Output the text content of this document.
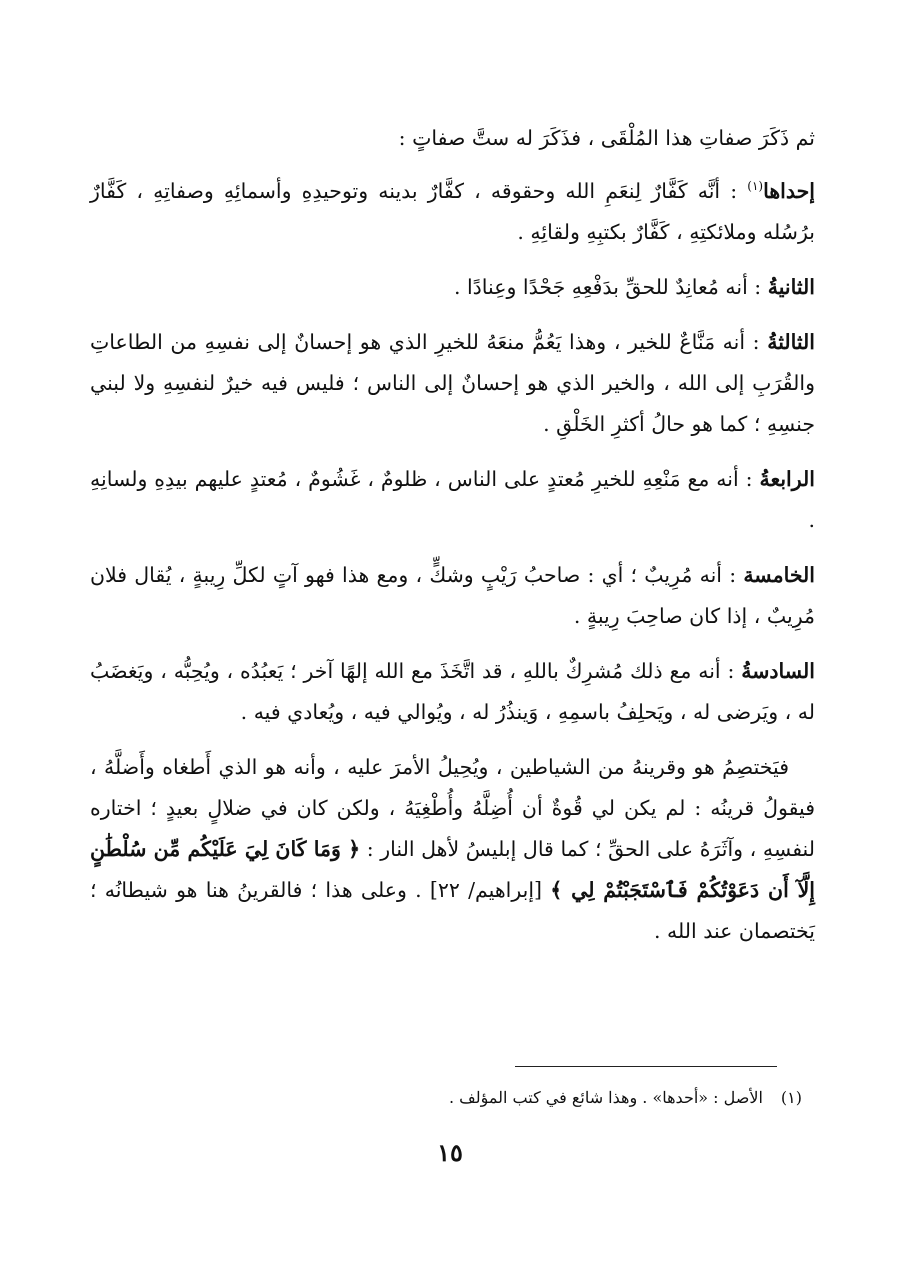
ثم ذَكَرَ صفاتِ هذا المُلْقَى ، فذَكَرَ له ستَّ صفاتٍ :

إحداها$^{(١)}$ : أنَّه كَفَّارٌ لِنعَمِ الله وحقوقه ، كفَّارٌ بدينه وتوحيدِهِ وأسمائِهِ وصفاتِهِ ، كَفَّارٌ برُسُله وملائكتِهِ ، كَفَّارٌ بكتبِهِ ولقائِهِ .

الثانيةُ : أنه مُعانِدٌ للحقِّ بدَفْعِهِ جَحْدًا وعِنادًا .

الثالثةُ : أنه مَنَّاعٌ للخير ، وهذا يَعُمُّ منعَهُ للخيرِ الذي هو إحسانٌ إلى نفسِهِ من الطاعاتِ والقُرَبِ إلى الله ، والخير الذي هو إحسانٌ إلى الناس ؛ فليس فيه خيرٌ لنفسِهِ ولا لبني جنسِهِ ؛ كما هو حالُ أكثرِ الخَلْقِ .

الرابعةُ : أنه مع مَنْعِهِ للخيرِ مُعتدٍ على الناس ، ظلومٌ ، غَشُومٌ ، مُعتدٍ عليهم بيدِهِ ولسانِهِ .

الخامسة : أنه مُرِيبٌ ؛ أي : صاحبُ رَيْبٍ وشكٍّ ، ومع هذا فهو آتٍ لكلِّ رِيبةٍ ، يُقال فلان مُرِيبٌ ، إذا كان صاحِبَ رِيبةٍ .

السادسةُ : أنه مع ذلك مُشرِكٌ باللهِ ، قد اتَّخَذَ مع الله إلهًا آخر ؛ يَعبُدُه ، ويُحِبُّه ، ويَغضَبُ له ، ويَرضى له ، ويَحلِفُ باسمِهِ ، وَينذُرُ له ، ويُوالي فيه ، ويُعادي فيه .

فيَختصِمُ هو وقرينهُ من الشياطين ، ويُحِيلُ الأمرَ عليه ، وأنه هو الذي أَطغاه وأَضلَّهُ ، فيقولُ قرينُه : لم يكن لي قُوةٌ أن أُضِلَّهُ وأُطْغِيَهُ ، ولكن كان في ضلالٍ بعيدٍ ؛ اختاره لنفسِهِ ، وآثَرَهُ على الحقِّ ؛ كما قال إبليسُ لأهل النار : ﴿ وَمَا كَانَ لِيَ عَلَيْكُم مِّن سُلْطَٰنٍ إِلَّآ أَن دَعَوْتُكُمْ فَٱسْتَجَبْتُمْ لِي ﴾ [إبراهيم/ ٢٢] . وعلى هذا ؛ فالقرينُ هنا هو شيطانُه ؛ يَختصمان عند الله .

(١)الأصل : «أحدها» . وهذا شائع في كتب المؤلف .
١٥
